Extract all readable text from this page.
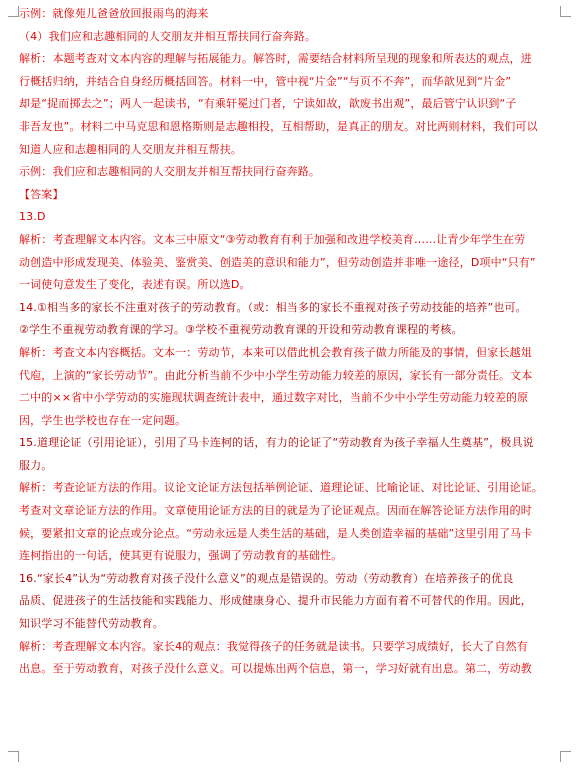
示例：就像苑儿爸爸放回报雨鸟的海来
（4）我们应和志趣相同的人交朋友并相互帮扶同行奋奔路。
解析：本题考查对文本内容的理解与拓展能力。解答时，需要结合材料所呈现的现象和所表达的观点，进
行概括归纳，并结合自身经历概括回答。材料一中，管中视“片金”“与页不不奔”，而华歆见到“片金”
却是“捉而掷去之”；两人一起读书，“有乘轩冕过门者，宁读如故，歆废书出观”，最后管宁认识到“子
非吾友也”。材料二中马克思和恩格斯则是志趣相投，互相帮助，是真正的朋友。对比两则材料，我们可以
知道人应和志趣相同的人交朋友并相互帮扶。
示例：我们应和志趣相同的人交朋友并相互帮扶同行奋奔路。
【答案】
13.D
解析：考查理解文本内容。文本三中原文“③劳动教育有利于加强和改进学校美育……让青少年学生在劳
动创造中形成发现美、体验美、鉴赏美、创造美的意识和能力”，但劳动创造并非唯一途径，D项中“只有”
一词使句意发生了变化，表述有误。所以选D。
14.①相当多的家长不注重对孩子的劳动教育。（或：相当多的家长不重视对孩子劳动技能的培养”也可。
②学生不重视劳动教育课的学习。③学校不重视劳动教育课的开设和劳动教育课程的考核。
解析：考查文本内容概括。文本一：劳动节，本来可以借此机会教育孩子做力所能及的事情，但家长越俎
代庖，上演的“家长劳动节”。由此分析当前不少中小学生劳动能力较差的原因，家长有一部分责任。文本
二中的××省中小学劳动的实施现状调查统计表中，通过数字对比，当前不少中小学生劳动能力较差的原
因，学生也学校也存在一定问题。
15.道理论证（引用论证），引用了马卡连柯的话，有力的论证了“劳动教育为孩子幸福人生奠基”，极具说
服力。
解析：考查论证方法的作用。议论文论证方法包括举例论证、道理论证、比喻论证、对比论证、引用论证。
考查对文章论证方法的作用。文章使用论证方法的目的就是为了论证观点。因而在解答论证方法作用的时
候，要紧扣文章的论点或分论点。“劳动永远是人类生活的基础，是人类创造幸福的基础”这里引用了马卡
连柯指出的一句话，使其更有说服力，强调了劳动教育的基础性。
16.“家长4”认为“劳动教育对孩子没什么意义”的观点是错误的。劳动（劳动教育）在培养孩子的优良
品质、促进孩子的生活技能和实践能力、形成健康身心、提升市民能力方面有着不可替代的作用。因此，
知识学习不能替代劳动教育。
解析：考查理解文本内容。家长4的观点：我觉得孩子的任务就是读书。只要学习成绩好，长大了自然有
出息。至于劳动教育，对孩子没什么意义。可以提炼出两个信息，第一，学习好就有出息。第二，劳动教
